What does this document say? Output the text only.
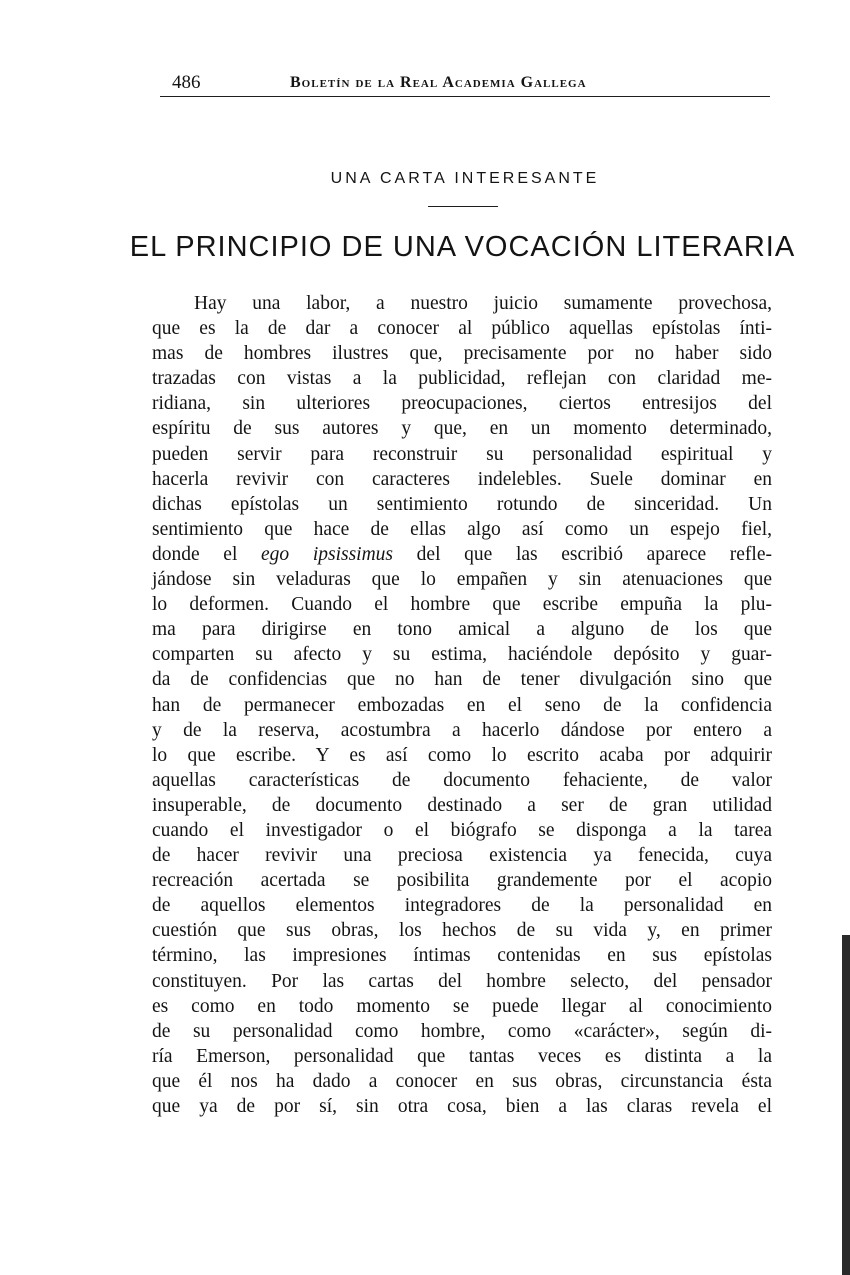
486	Boletín de la Real Academia Gallega
UNA CARTA INTERESANTE
EL PRINCIPIO DE UNA VOCACIÓN LITERARIA
Hay una labor, a nuestro juicio sumamente provechosa,
que es la de dar a conocer al público aquellas epístolas ínti-
mas de hombres ilustres que, precisamente por no haber sido
trazadas con vistas a la publicidad, reflejan con claridad me-
ridiana, sin ulteriores preocupaciones, ciertos entresijos del
espíritu de sus autores y que, en un momento determinado,
pueden servir para reconstruir su personalidad espiritual y
hacerla revivir con caracteres indelebles. Suele dominar en
dichas epístolas un sentimiento rotundo de sinceridad. Un
sentimiento que hace de ellas algo así como un espejo fiel,
donde el ego ipsissimus del que las escribió aparece refle-
jándose sin veladuras que lo empañen y sin atenuaciones que
lo deformen. Cuando el hombre que escribe empuña la plu-
ma para dirigirse en tono amical a alguno de los que
comparten su afecto y su estima, haciéndole depósito y guar-
da de confidencias que no han de tener divulgación sino que
han de permanecer embozadas en el seno de la confidencia
y de la reserva, acostumbra a hacerlo dándose por entero a
lo que escribe. Y es así como lo escrito acaba por adquirir
aquellas características de documento fehaciente, de valor
insuperable, de documento destinado a ser de gran utilidad
cuando el investigador o el biógrafo se disponga a la tarea
de hacer revivir una preciosa existencia ya fenecida, cuya
recreación acertada se posibilita grandemente por el acopio
de aquellos elementos integradores de la personalidad en
cuestión que sus obras, los hechos de su vida y, en primer
término, las impresiones íntimas contenidas en sus epístolas
constituyen. Por las cartas del hombre selecto, del pensador
es como en todo momento se puede llegar al conocimiento
de su personalidad como hombre, como «carácter», según di-
ría Emerson, personalidad que tantas veces es distinta a la
que él nos ha dado a conocer en sus obras, circunstancia ésta
que ya de por sí, sin otra cosa, bien a las claras revela el
